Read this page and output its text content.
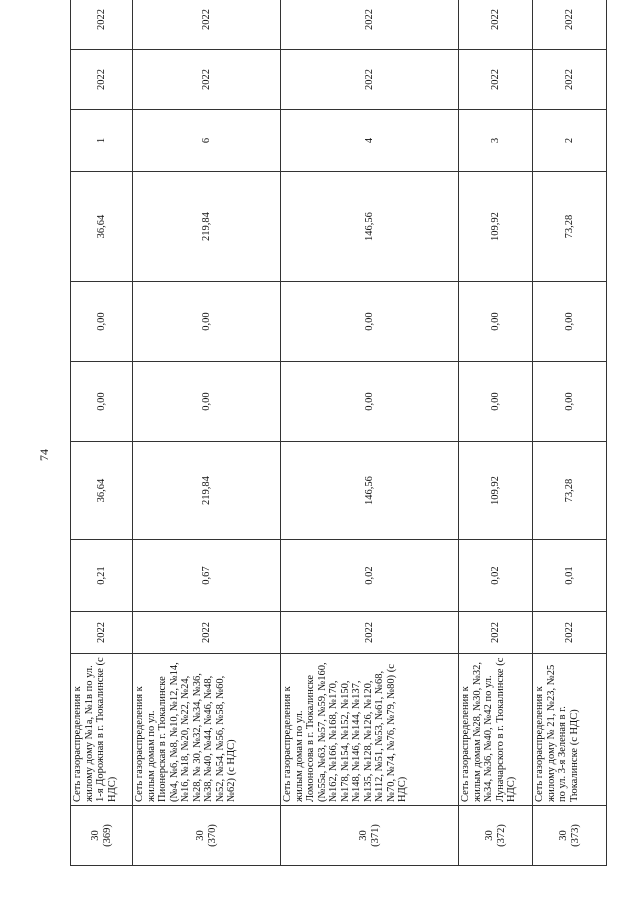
74
30
(369)	Сеть газораспределения к жилому дому №1а, №1в по ул. 1-я Дорожная в г. Тюкалинске (с НДС)	2022	0,21	36,64	0,00	0,00	36,64	1	2022	2022
30
(370)	Сеть газораспределения к жилым домам по ул. Пионерская в г. Тюкалинске (№4, №6, №8, №10, №12, №14, №16, №18, №20, №22, №24, №28, № 30, №32, №34, №36, №38, №40, №44, №46, №48, №52, №54, №56, №58, №60, №62) (с НДС)	2022	0,67	219,84	0,00	0,00	219,84	6	2022	2022
30
(371)	Сеть газораспределения к жилым домам по ул. Ломоносова в г. Тюкалинске (№55а, №63, №57, №59, №160, №162, №166, №168, №170, №178, №154, №152, №150, №148, №146, №144, №137, №135, №128, №126, №120, №112, №51, №53, №61, №68, №70, №74, №76, №79, №80) (с НДС)	2022	0,02	146,56	0,00	0,00	146,56	4	2022	2022
30
(372)	Сеть газораспределения к жилым домам №28, №30, №32, №34, №36, №40, №42 по ул. Луначарского в г. Тюкалинске (с НДС)	2022	0,02	109,92	0,00	0,00	109,92	3	2022	2022
30
(373)	Сеть газораспределения к жилому дому № 21, №23, №25 по ул. 3-я Зеленая в г. Тюкалинске (с НДС)	2022	0,01	73,28	0,00	0,00	73,28	2	2022	2022
